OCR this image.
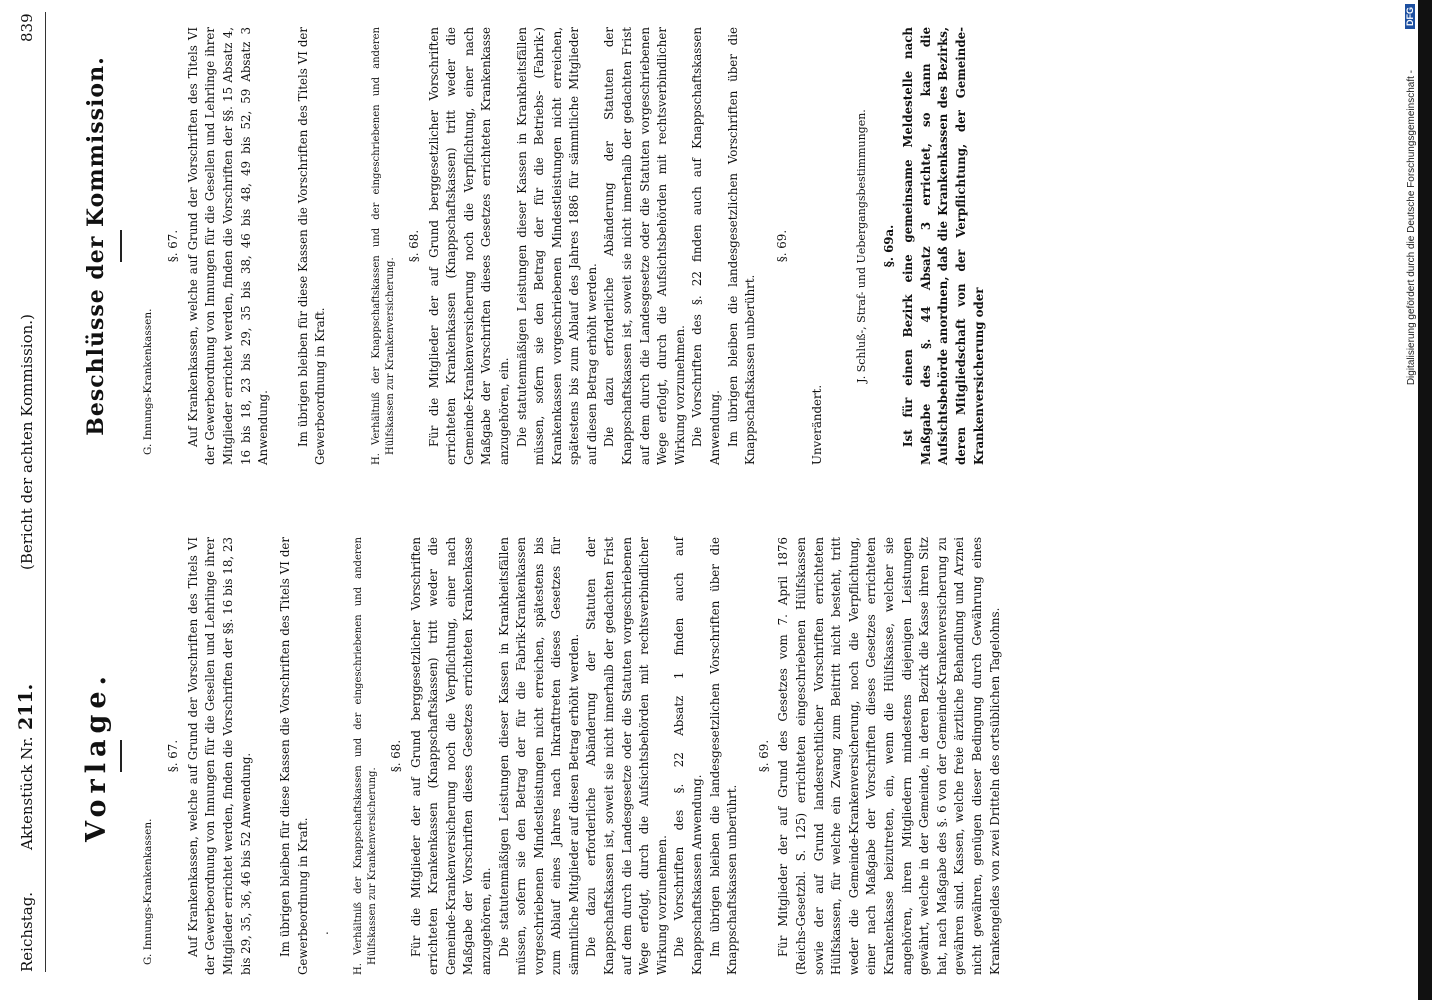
Reichstag.
Aktenstück Nr.
211.
(Bericht der achten Kommission.)
839
Vorlage.
G. Innungs-Krankenkassen.
§. 67. Auf Krankenkassen, welche auf Grund der Vorschriften des Titels VI der Gewerbeordnung von Innungen für die Gesellen und Lehrlinge ihrer Mitglieder errichtet werden, finden die Vorschriften der §§. 16 bis 18, 23 bis 29, 35, 36, 46 bis 52 Anwendung. Im übrigen bleiben für diese Kassen die Vorschriften des Titels VI der Gewerbeordnung in Kraft. . H. Verhältniß der Knappschaftskassen und der eingeschriebenen und anderen Hülfskassen zur Krankenversicherung.
§. 68. Für die Mitglieder der auf Grund berggesetzlicher Vorschriften errichteten Krankenkassen (Knappschaftskassen) tritt weder die Gemeinde-Krankenversicherung noch die Verpflichtung, einer nach Maßgabe der Vorschriften dieses Gesetzes errichteten Krankenkasse anzugehören, ein. Die statutenmäßigen Leistungen dieser Kassen in Krankheitsfällen müssen, sofern sie den Betrag der für die Fabrik-Krankenkassen vorgeschriebenen Mindestleistungen nicht erreichen, spätestens bis zum Ablauf eines Jahres nach Inkrafttreten dieses Gesetzes für sämmtliche Mitglieder auf diesen Betrag erhöht werden. Die dazu erforderliche Abänderung der Statuten der Knappschaftskassen ist, soweit sie nicht innerhalb der gedachten Frist auf dem durch die Landesgesetze oder die Statuten vorgeschriebenen Wege erfolgt, durch die Aufsichtsbehörden mit rechtsverbindlicher Wirkung vorzunehmen. Die Vorschriften des §. 22 Absatz 1 finden auch auf Knappschaftskassen Anwendung. Im übrigen bleiben die landesgesetzlichen Vorschriften über die Knappschaftskassen unberührt.

§. 69. Für Mitglieder der auf Grund des Gesetzes vom 7. April 1876 (Reichs-Gesetzbl. S. 125) errichteten eingeschriebenen Hülfskassen sowie der auf Grund landesrechtlicher Vorschriften errichteten Hülfskassen, für welche ein Zwang zum Beitritt nicht besteht, tritt weder die Gemeinde-Krankenversicherung, noch die Verpflichtung, einer nach Maßgabe der Vorschriften dieses Gesetzes errichteten Krankenkasse beizutreten, ein, wenn die Hülfskasse, welcher sie angehören, ihren Mitgliedern mindestens diejenigen Leistungen gewährt, welche in der Gemeinde, in deren Bezirk die Kasse ihren Sitz hat, nach Maßgabe des §. 6 von der Gemeinde-Krankenversicherung zu gewähren sind. Kassen, welche freie ärztliche Behandlung und Arznei nicht gewähren, genügen dieser Bedingung durch Gewährung eines Krankengeldes von zwei Dritteln des ortsüblichen Tagelohns.

Beschlüsse der Kommission.	G. Innungs-Krankenkassen.
§. 67. Auf Krankenkassen, welche auf Grund der Vorschriften des Titels VI der Gewerbeordnung von Innungen für die Gesellen und Lehrlinge ihrer Mitglieder errichtet werden, finden die Vorschriften der §§. 15 Absatz 4, 16 bis 18, 23 bis 29, 35 bis 38, 46 bis 48, 49 bis 52, 59 Absatz 3 Anwendung. Im übrigen bleiben für diese Kassen die Vorschriften des Titels VI der Gewerbeordnung in Kraft.	H. Verhältniß der Knappschaftskassen und der eingeschriebenen und anderen Hülfskassen zur Krankenversicherung.
§. 68. Für die Mitglieder der auf Grund berggesetzlicher Vorschriften errichteten Krankenkassen (Knappschaftskassen) tritt weder die Gemeinde-Krankenversicherung noch die Verpflichtung, einer nach Maßgabe der Vorschriften dieses Gesetzes errichteten Krankenkasse anzugehören, ein. Die statutenmäßigen Leistungen dieser Kassen in Krankheitsfällen müssen, sofern sie den Betrag der für die Betriebs- (Fabrik-) Krankenkassen vorgeschriebenen Mindestleistungen nicht erreichen, spätestens bis zum Ablauf des Jahres 1886 für sämmtliche Mitglieder auf diesen Betrag erhöht werden. Die dazu erforderliche Abänderung der Statuten der Knappschaftskassen ist, soweit sie nicht innerhalb der gedachten Frist auf dem durch die Landesgesetze oder die Statuten vorgeschriebenen Wege erfolgt, durch die Aufsichtsbehörden mit rechtsverbindlicher Wirkung vorzunehmen. Die Vorschriften des §. 22 finden auch auf Knappschaftskassen Anwendung. Im übrigen bleiben die landesgesetzlichen Vorschriften über die Knappschaftskassen unberührt.

§. 69.

Unverändert.

J. Schluß-, Straf- und Uebergangsbestimmungen. §. 69a. Ist für einen Bezirk eine gemeinsame Meldestelle nach Maßgabe des §. 44 Absatz 3 errichtet, so kann die Aufsichtsbehörde anordnen, daß die Krankenkassen des Bezirks, deren Mitgliedschaft von der Verpflichtung, der Gemeinde-Krankenversicherung oder	Digitalisierung gefördert durch die Deutsche Forschungsgemeinschaft -
DFG
